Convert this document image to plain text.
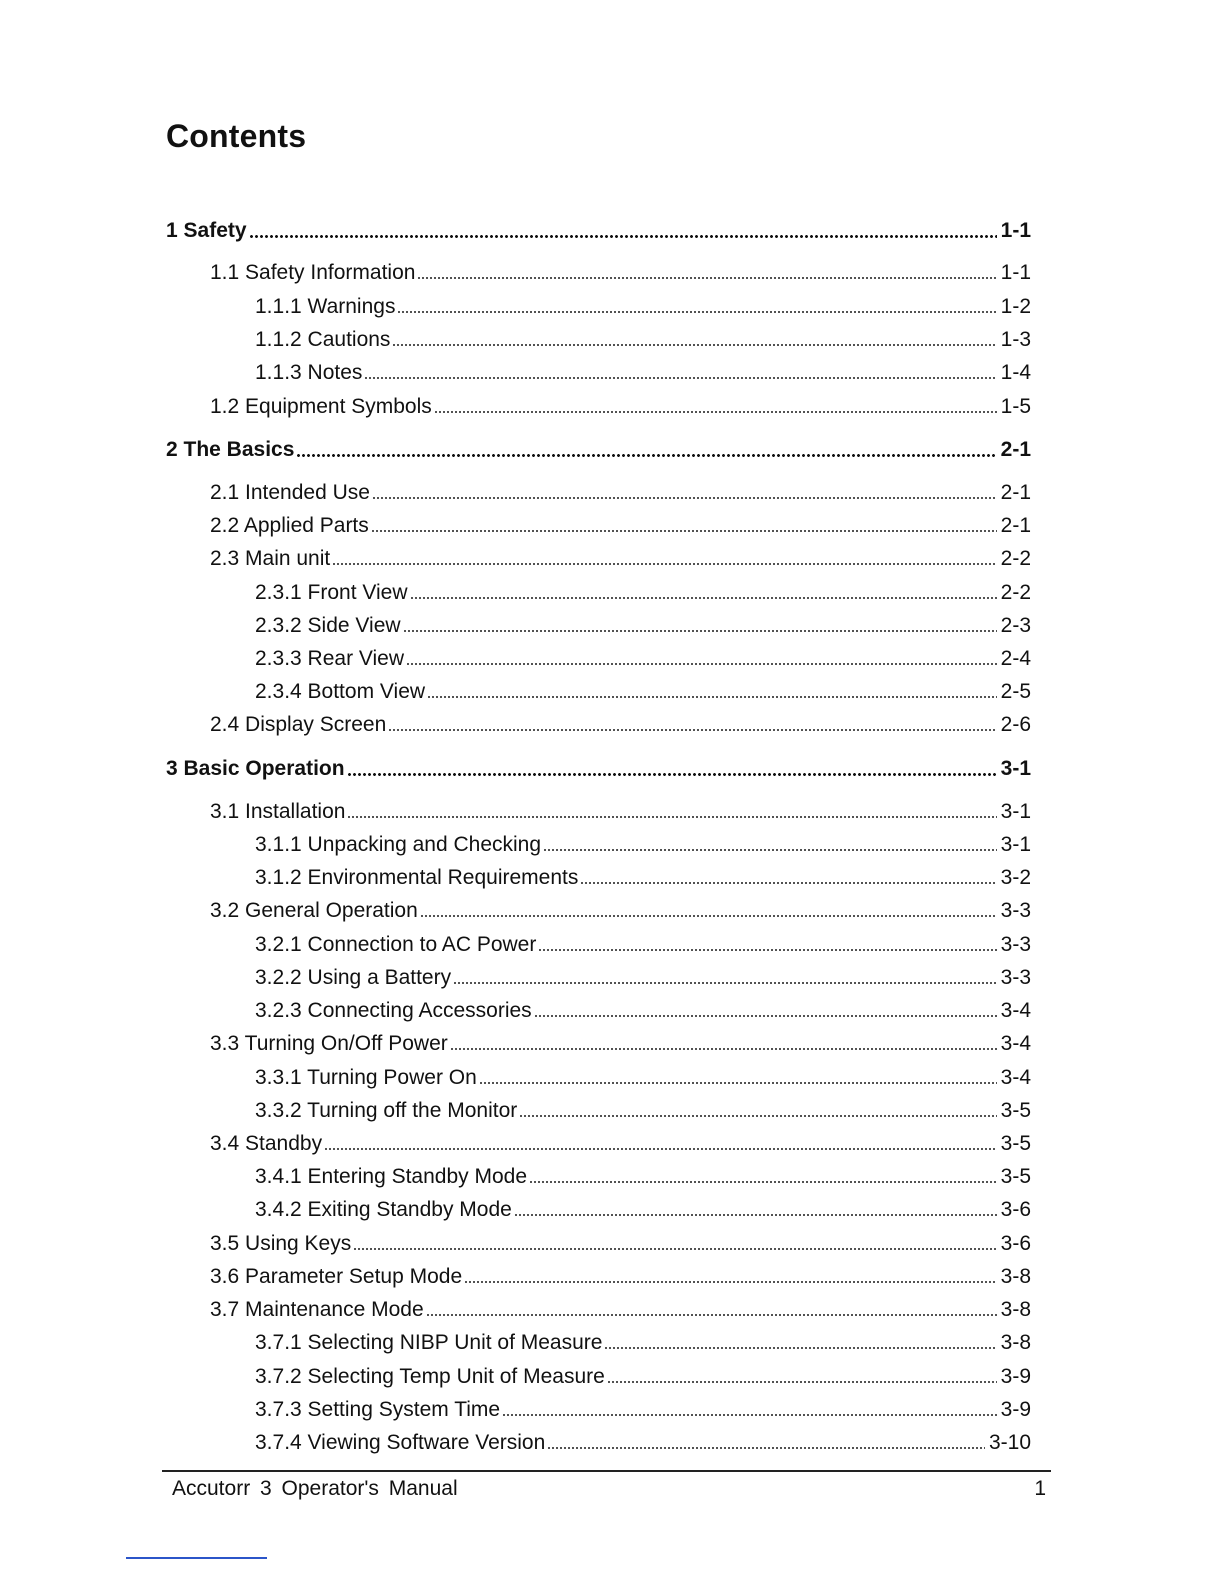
Contents
1 Safety	1-1
1.1 Safety Information	1-1
1.1.1 Warnings	1-2
1.1.2 Cautions	1-3
1.1.3 Notes	1-4
1.2 Equipment Symbols	1-5
2 The Basics	2-1
2.1 Intended Use	2-1
2.2 Applied Parts	2-1
2.3 Main unit	2-2
2.3.1 Front View	2-2
2.3.2 Side View	2-3
2.3.3 Rear View	2-4
2.3.4 Bottom View	2-5
2.4 Display Screen	2-6
3 Basic Operation	3-1
3.1 Installation	3-1
3.1.1 Unpacking and Checking	3-1
3.1.2 Environmental Requirements	3-2
3.2 General Operation	3-3
3.2.1 Connection to AC Power	3-3
3.2.2 Using a Battery	3-3
3.2.3 Connecting Accessories	3-4
3.3 Turning On/Off Power	3-4
3.3.1 Turning Power On	3-4
3.3.2 Turning off the Monitor	3-5
3.4 Standby	3-5
3.4.1 Entering Standby Mode	3-5
3.4.2 Exiting Standby Mode	3-6
3.5 Using Keys	3-6
3.6 Parameter Setup Mode	3-8
3.7 Maintenance Mode	3-8
3.7.1 Selecting NIBP Unit of Measure	3-8
3.7.2 Selecting Temp Unit of Measure	3-9
3.7.3 Setting System Time	3-9
3.7.4 Viewing Software Version	3-10
Accutorr 3 Operator's Manual	1
